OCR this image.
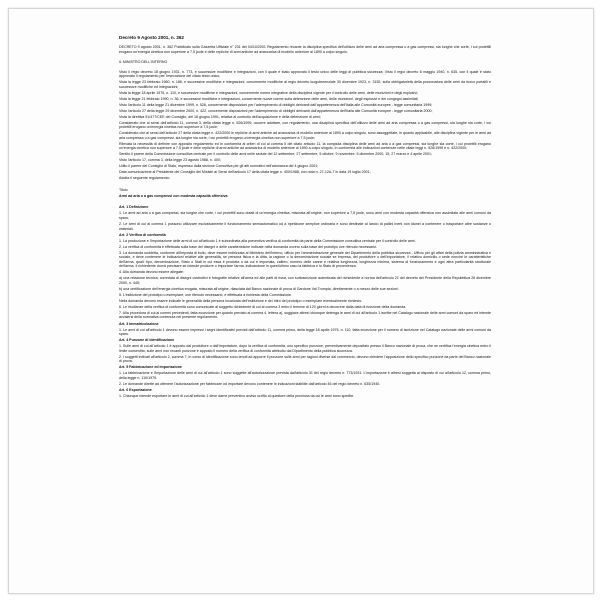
Decreto 9 Agosto 2001, n. 362
DECRETO 9 agosto 2001, n. 362 Pubblicato sulla Gazzetta Ufficiale n° 231 del 04/10/2001 Regolamento recante la disciplina specifica dell'utilizzo delle armi ad aria compressa o a gas compressi, sia lunghe che corte, i cui proiettili erogano un'energia cinetica non superiore a 7,5 joule e delle repliche di armi antiche ad avancarica di modello anteriore al 1890 a colpo singolo.
IL MINISTRO DELL'INTERNO
Visto il regio decreto 18 giugno 1931, n. 773, e successive modifiche e integrazioni, con il quale è stato approvato il testo unico delle leggi di pubblica sicurezza; Visto il regio decreto 6 maggio 1940, n. 635, con il quale è stato approvato il regolamento per l'esecuzione del citato testo unico;
Vista la legge 23 febbraio 1960, n. 186, e successive modifiche e integrazioni, concernente modifiche al regio decreto luogotenenziale 30 dicembre 1923, n. 3152, sulla obbligatorietà della punzonatura delle armi da fuoco portatili e successive modifiche ed integrazioni;
Vista la legge 18 aprile 1975, n. 110, e successive modifiche e integrazioni, concernente norme integrative della disciplina vigente per il controllo delle armi, delle munizioni e degli esplosivi;
Vista la legge 21 febbraio 1990, n. 36, e successive modifiche e integrazioni, concernente nuove norme sulla detenzione delle armi, delle munizioni, degli esplosivi e dei congegni assimilati;
Visto l'articolo 11 della legge 21 dicembre 1999, n. 526, concernente disposizioni per l'adempimento di obblighi derivanti dall'appartenenza dell'Italia alle Comunità europee - legge comunitaria 1999;
Visto l'articolo 27 della legge 29 dicembre 2000, n. 422, concernente disposizioni per l'adempimento di obblighi derivanti dall'appartenenza dell'Italia alle Comunità europee - legge comunitaria 2000;
Vista la direttiva 91/477/CEE del Consiglio, del 18 giugno 1991, relativa al controllo dell'acquisizione e della detenzione di armi;
Considerato che ai sensi dell'articolo 11, comma 3, della citata legge n. 526/1999, occorre adottare, con regolamento, una disciplina specifica dell'utilizzo delle armi ad aria compressa o a gas compressi, sia lunghe sia corte, i cui proiettili erogano un'energia cinetica non superiore a 7,5 joule;
Considerato che ai sensi dell'articolo 27 della citata legge n. 422/2000 le repliche di armi antiche ad avancarica di modello anteriore al 1890 a colpo singolo, sono assoggettate, in quanto applicabile, alle disciplina vigente per le armi ad aria compressa o a gas compressi, sia lunghe sia corte, i cui proiettili erogano un'energia cinetica non superiore a 7,5 joule;
Rilevata la necessità di definire con apposito regolamento ed in conformità ai criteri di cui al comma 5 del citato articolo 11, la compiuta disciplina delle armi ad aria o a gas compressi, sia lunghe sia corte, i cui proiettili erogano un'energia cinetica non superiore a 7,5 joule e delle repliche di armi antiche ad avancarica di modello anteriore al 1890 a colpo singolo, in conformità alle indicazioni contenute nelle citate leggi n. 526/1999 e n. 422/2000;
Sentito il parere della Commissione consultiva centrale per il controllo delle armi nelle sedute del 12 settembre, 27 settembre, 5 ottobre, 9 novembre, 5 dicembre 2000, 15, 27 marzo e 4 aprile 2001;
Visto l'articolo 17, comma 3, della legge 23 agosto 1988, n. 400;
Udito il parere del Consiglio di Stato, espresso dalla sezione Consultiva per gli atti normativi nell'adunanza del 4 giugno 2001;
Data comunicazione al Presidente del Consiglio dei Ministri ai Sensi dell'articolo 17 della citata legge n. 400/1988, con nota n. 27-12A-7 in data 19 luglio 2001;
Adotta il seguente regolamento:
Titolo
Armi ad aria o a gas compressi con modesta capacità offensiva
Art. 1 Definizione
1. Le armi ad aria o a gas compressi, sia lunghe che corte, i cui proiettili sono dotati di un'energia cinetica, misurata all'origine, non superiore a 7,5 joule, sono armi con modesta capacità offensiva non assimilate alle armi comuni da sparo.
2. Le armi di cui al comma 1 possono utilizzare esclusivamente il funzionamento semiautomatico od a ripetizione semplice ordinaria e sono destinate al lancio di pallini inerti non idonei a contenere o trasportare altre sostanze o materiali.
Art. 2 Verifica di conformità
1. La produzione e l'importazione delle armi di cui all'articolo 1 è subordinata alla preventiva verifica di conformità da parte della Commissione consultiva centrale per il controllo delle armi.
2. La verifica di conformità è effettuata sulla base dei disegni e delle caratteristiche indicate nella domanda ovvero sulla base del prototipo ove ritenuto necessario.
3. La domanda suddetta, conforme all'imposta di bollo, deve essere indirizzata al Ministero dell'interno, ufficio per l'amministrazione generale del Dipartimento della pubblica sicurezza - Ufficio per gli affari della polizia amministrativa e sociale, e deve contenere le indicazioni relative alle generalità, se persona fisica e la ditta, la ragione o la denominazione sociale se impresa, del produttore o dell'importatore, il relativo domicilio o sede nonché le caratteristiche dell'arma, quali: tipo, denominazione, Stato o Stati in cui essa è prodotta o da cui è importata, calibro, numero delle canne e relativa lunghezza, lunghezza minima, sistema di funzionamento e ogni altra particolarità strutturale dell'arma. Il richiedente dovrà precisare se intende produrre o importare l'arma, indicandone in quest'ultimo caso la fabbrica e lo Stato di provenienza.
4. Alla domanda devono essere allegate:
a) una relazione tecnica, corredata di disegni costruttivi e fotografie relative all'arma ed alle parti di essa, con sottoscrizione autenticata del richiedente a norma dell'articolo 21 del decreto del Presidente della Repubblica 28 dicembre 2000, n. 445;
b) una certificazione dell'energia cinetica erogata, misurata all'origine, rilasciata dal Banco nazionale di prova di Gardone Val Trompia, direttamente o a mezzo delle sue sezioni.
5. L'esibizione del prototipo o esemplare, ove ritenuto necessario, è effettuata a richiesta della Commissione.
Nella domanda devono essere indicate le generalità della persona incaricata dell'esibizione e del ritiro del prototipo o esemplare eventualmente richiesto.
6. Le risultanze della verifica di conformità sono comunicate al soggetto richiedente di cui al comma 3 entro il termine di 120 giorni a decorrere dalla data di ricezione della domanda.
7. Alla procedura di cui ai commi precedenti, fatta eccezione per quanto previsto al comma 4, lettera a), soggiace altresì chiunque detenga le armi di cui all'articolo 1 iscritte nel Catalogo nazionale delle armi comuni da sparo ed intende avvalersi della normativa contenuta nel presente regolamento.
Art. 3 Immatricolazione
1. Le armi di cui all'articolo 1 devono essere impressi i segni identificativi previsti dall'articolo 11, comma primo, della legge 18 aprile 1975, n. 110, fatta eccezione per il numero di iscrizione nel Catalogo nazionale delle armi comuni da sparo.
Art. 4 Punzone di identificazione
1. Sulle armi di cui all'articolo 1 è apposto dal produttore o dall'importatore, dopo la verifica di conformità, uno specifico punzone, preventivamente depositato presso il Banco nazionale di prova, che ne certifica l'energia cinetica entro il limite consentito; sulle armi non recanti punzone è apposto il numero della verifica di conformità attribuito dal Dipartimento della pubblica sicurezza.
2. I soggetti indicati all'articolo 2, comma 7, in corso di identificazione sono tenuti ad apporre il punzone sulle armi per ragioni diverse dal commercio, devono chiedere l'apposizione dello specifico punzone da parte del Banco nazionale di prova.
Art. 5 Fabbricazione ed importazione
1. La fabbricazione e l'importazione delle armi di cui all'articolo 1 sono soggette all'autorizzazione prevista dall'articolo 31 del regio decreto n. 773/1931. L'importazione è altresì soggetta al disposto di cui all'articolo 12, comma primo, della legge n. 110/1975.
2. Le domande dirette ad ottenere l'autorizzazione per fabbricare od importare devono contenere le indicazioni stabilite dall'articolo 46 del regio decreto n. 635/1940.
Art. 6 Esportazione
1. Chiunque intende esportare le armi di cui all'articolo 1 deve darne preventivo avviso scritto al questore della provincia da cui le armi sono spedite.
